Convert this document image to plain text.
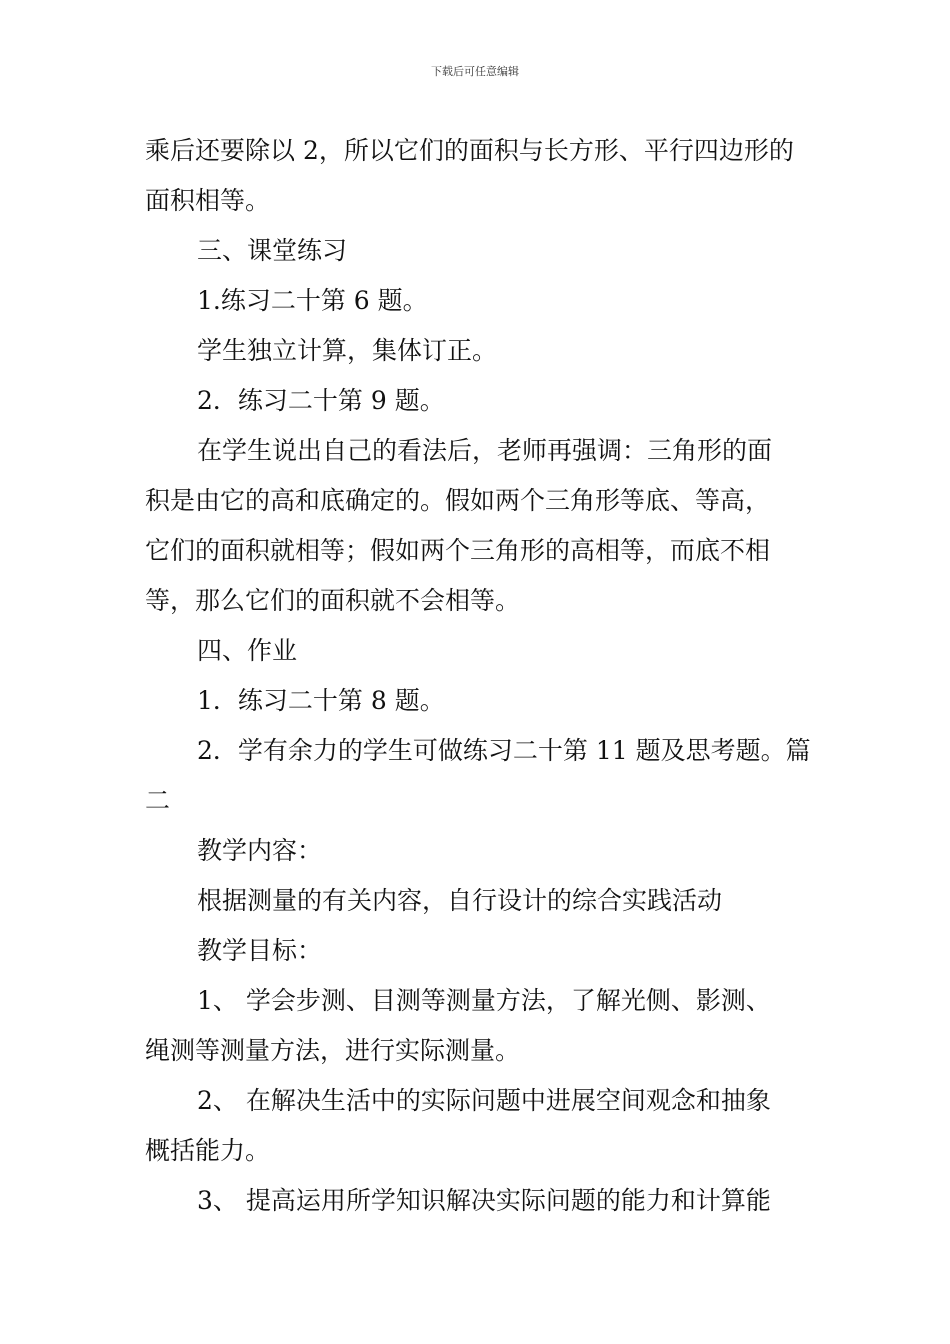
下载后可任意编辑

乘后还要除以 2，所以它们的面积与长方形、平行四边形的

面积相等。

三、课堂练习

1.练习二十第 6 题。

学生独立计算，集体订正。

2．练习二十第 9 题。

在学生说出自己的看法后，老师再强调：三角形的面

积是由它的高和底确定的。假如两个三角形等底、等高，

它们的面积就相等；假如两个三角形的高相等，而底不相

等，那么它们的面积就不会相等。

四、作业

1．练习二十第 8 题。

2．学有余力的学生可做练习二十第 11 题及思考题。篇

二

教学内容：

根据测量的有关内容，自行设计的综合实践活动

教学目标：

1、 学会步测、目测等测量方法，了解光侧、影测、

绳测等测量方法，进行实际测量。

2、 在解决生活中的实际问题中进展空间观念和抽象

概括能力。

3、 提高运用所学知识解决实际问题的能力和计算能
